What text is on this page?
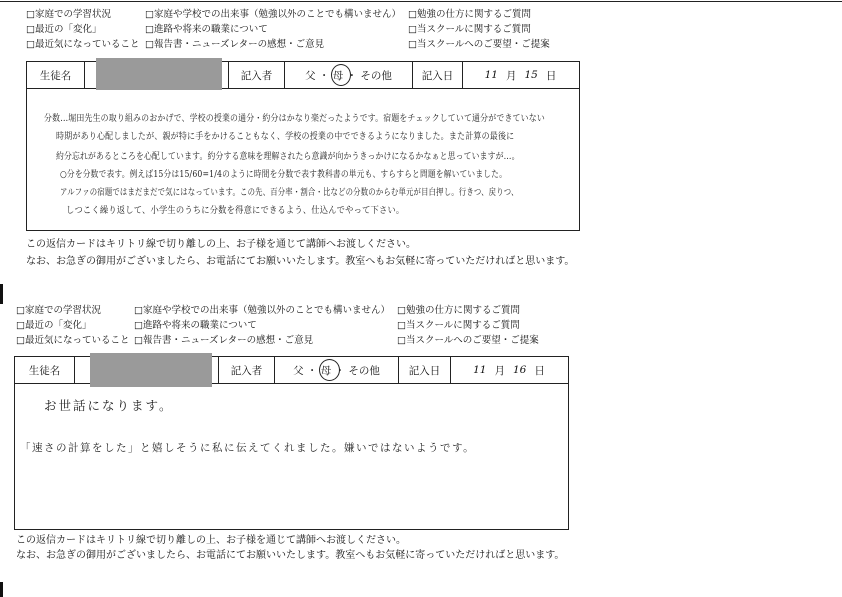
□家庭での学習状況	□家庭や学校での出来事（勉強以外のことでも構いません） □勉強の仕方に関するご質問
□最近の「変化」	□進路や将来の職業について	□当スクールに関するご質問
□最近気になっていること □報告書・ニューズレターの感想・ご意見	□当スクールへのご要望・ご提案
生徒名	記入者	父 ・ 母 ・ その他	記入日	11 月 15 日
分数…堀田先生の取り組みのおかげで、学校の授業の通分・約分はかなり楽だったようです。宿題をチェックしていて通分ができていない
時期があり心配しましたが、親が特に手をかけることもなく、学校の授業の中でできるようになりました。また計算の最後に
約分忘れがあるところを心配しています。約分する意味を理解されたら意識が向かうきっかけになるかなぁと思っていますが…。
○分を分数で表す。例えば15分は15/60=1/4のように時間を分数で表す教科書の単元も、すらすらと問題を解いていました。
アルファの宿題ではまだまだで気にはなっています。この先、百分率・割合・比などの分数のからむ単元が目白押し。行きつ、戻りつ、
しつこく繰り返して、小学生のうちに分数を得意にできるよう、仕込んでやって下さい。
この返信カードはキリトリ線で切り離しの上、お子様を通じて講師へお渡しください。
なお、お急ぎの御用がございましたら、お電話にてお願いいたします。教室へもお気軽に寄っていただければと思います。
□家庭での学習状況	□家庭や学校での出来事（勉強以外のことでも構いません） □勉強の仕方に関するご質問
□最近の「変化」	□進路や将来の職業について	□当スクールに関するご質問
□最近気になっていること □報告書・ニューズレターの感想・ご意見	□当スクールへのご要望・ご提案
生徒名	記入者	父 ・ 母 ・ その他	記入日	11 月 16 日
お世話になります。
「速さの計算をした」と嬉しそうに私に伝えてくれました。嫌いではないようです。
この返信カードはキリトリ線で切り離しの上、お子様を通じて講師へお渡しください。
なお、お急ぎの御用がございましたら、お電話にてお願いいたします。教室へもお気軽に寄っていただければと思います。
